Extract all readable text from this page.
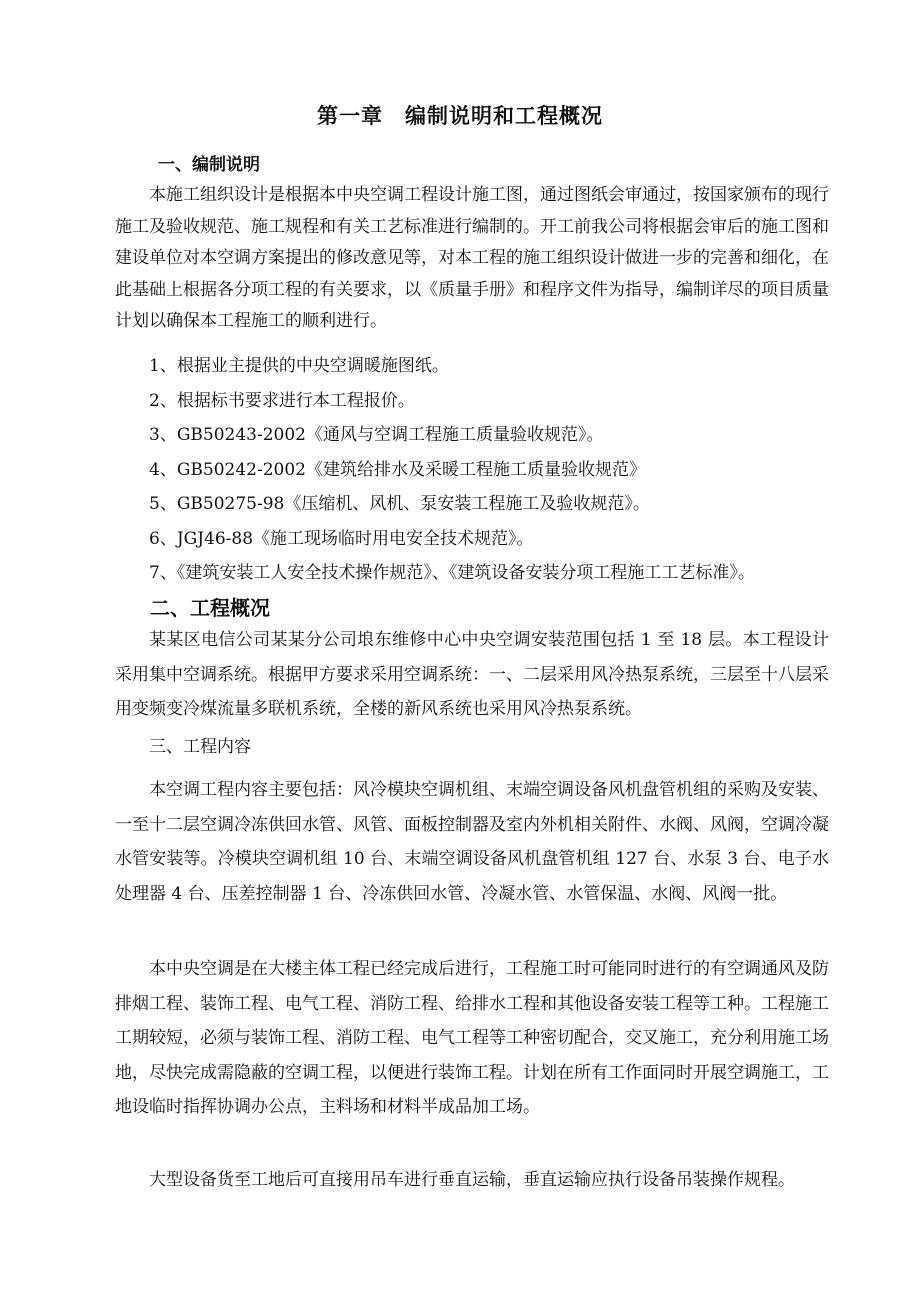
第一章　编制说明和工程概况
一、编制说明

本施工组织设计是根据本中央空调工程设计施工图，通过图纸会审通过，按国家颁布的现行施工及验收规范、施工规程和有关工艺标准进行编制的。开工前我公司将根据会审后的施工图和建设单位对本空调方案提出的修改意见等，对本工程的施工组织设计做进一步的完善和细化，在此基础上根据各分项工程的有关要求，以《质量手册》和程序文件为指导，编制详尽的项目质量计划以确保本工程施工的顺利进行。

1、根据业主提供的中央空调暖施图纸。
2、根据标书要求进行本工程报价。
3、GB50243-2002《通风与空调工程施工质量验收规范》。
4、GB50242-2002《建筑给排水及采暖工程施工质量验收规范》
5、GB50275-98《压缩机、风机、泵安装工程施工及验收规范》。
6、JGJ46-88《施工现场临时用电安全技术规范》。
7、《建筑安装工人安全技术操作规范》、《建筑设备安装分项工程施工工艺标准》。
二、工程概况

某某区电信公司某某分公司埌东维修中心中央空调安装范围包括 1 至 18 层。本工程设计采用集中空调系统。根据甲方要求采用空调系统：一、二层采用风冷热泵系统，三层至十八层采用变频变冷煤流量多联机系统，全楼的新风系统也采用风冷热泵系统。

三、工程内容

本空调工程内容主要包括：风冷模块空调机组、末端空调设备风机盘管机组的采购及安装、一至十二层空调冷冻供回水管、风管、面板控制器及室内外机相关附件、水阀、风阀，空调冷凝水管安装等。冷模块空调机组 10 台、末端空调设备风机盘管机组 127 台、水泵 3 台、电子水处理器 4 台、压差控制器 1 台、冷冻供回水管、冷凝水管、水管保温、水阀、风阀一批。

本中央空调是在大楼主体工程已经完成后进行，工程施工时可能同时进行的有空调通风及防排烟工程、装饰工程、电气工程、消防工程、给排水工程和其他设备安装工程等工种。工程施工工期较短，必须与装饰工程、消防工程、电气工程等工种密切配合，交叉施工，充分利用施工场地，尽快完成需隐蔽的空调工程，以便进行装饰工程。计划在所有工作面同时开展空调施工，工地设临时指挥协调办公点，主料场和材料半成品加工场。

大型设备货至工地后可直接用吊车进行垂直运输，垂直运输应执行设备吊装操作规程。
